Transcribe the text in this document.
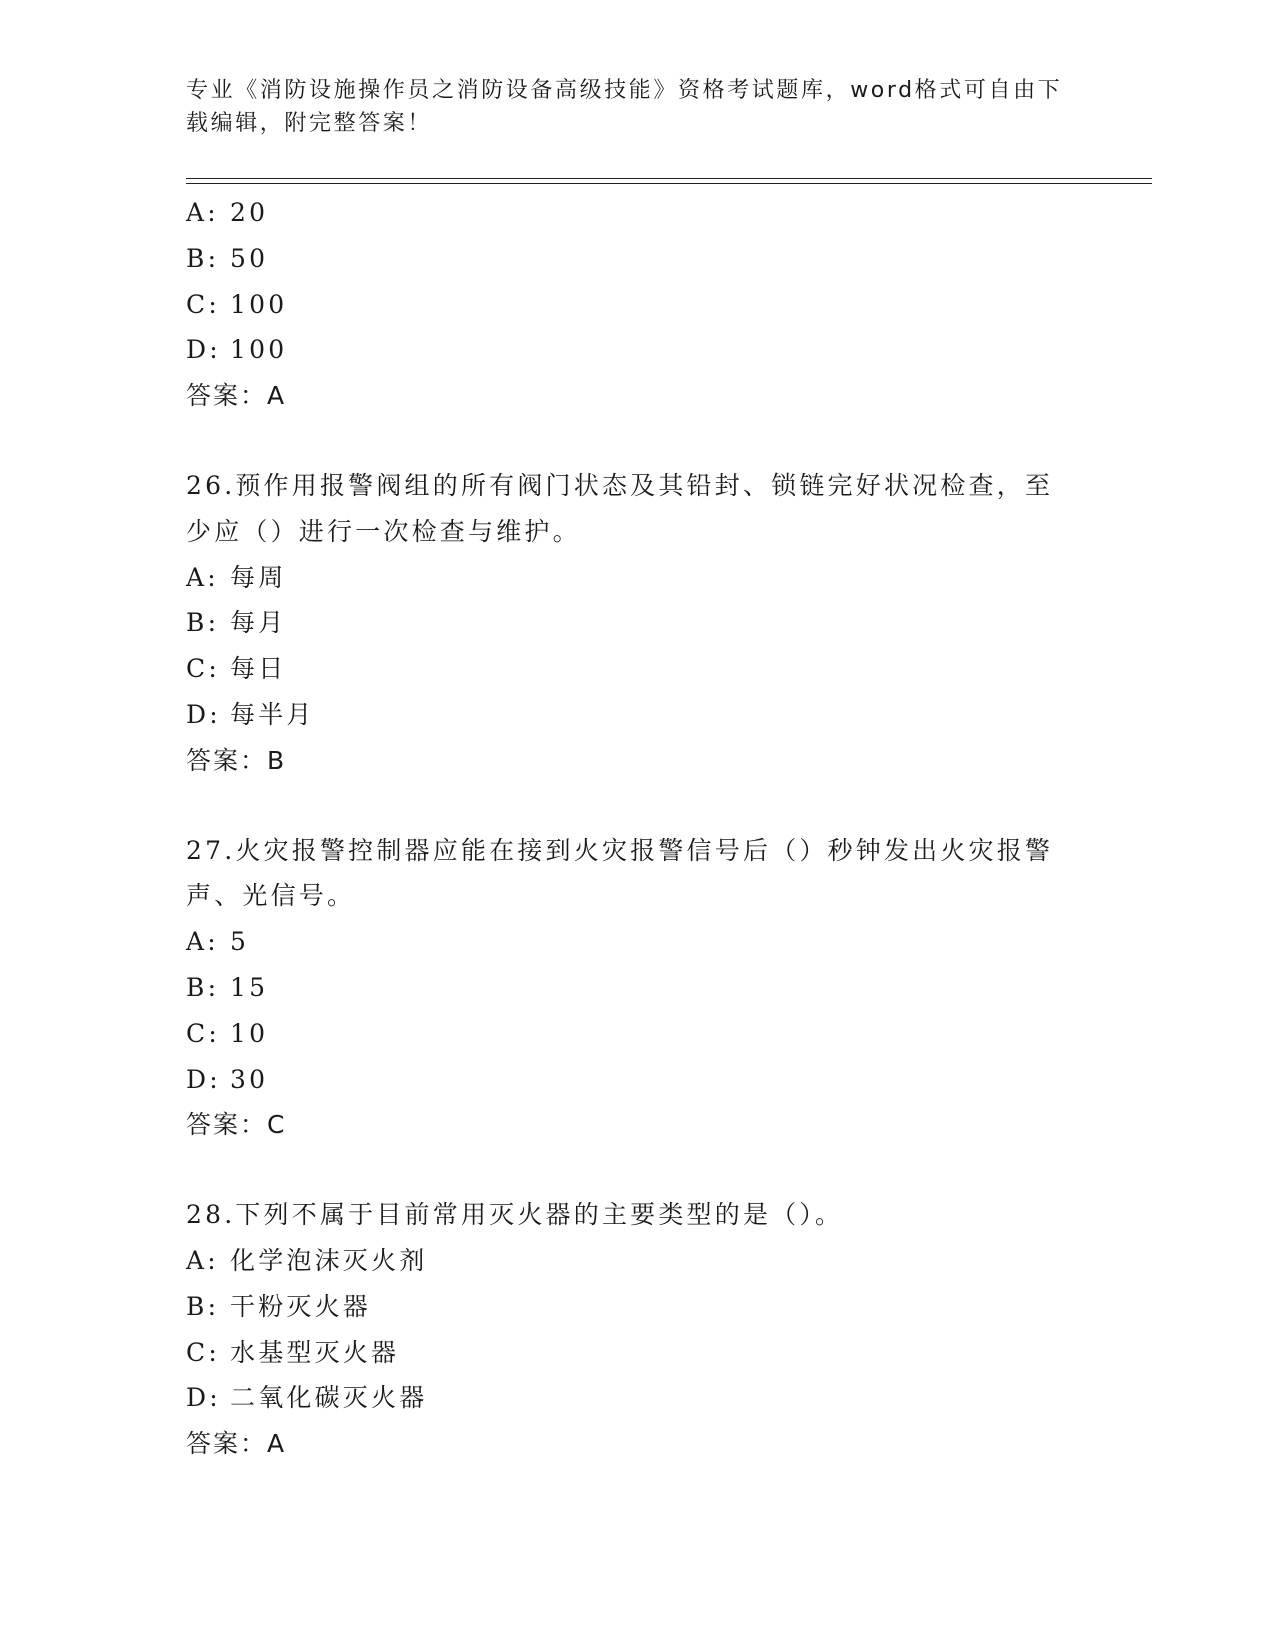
专业《消防设施操作员之消防设备高级技能》资格考试题库，word格式可自由下载编辑，附完整答案！
A: 20
B: 50
C: 100
D: 100
答案：A
26.预作用报警阀组的所有阀门状态及其铅封、锁链完好状况检查，至少应（）进行一次检查与维护。
A: 每周
B: 每月
C: 每日
D: 每半月
答案：B
27.火灾报警控制器应能在接到火灾报警信号后（）秒钟发出火灾报警声、光信号。
A: 5
B: 15
C: 10
D: 30
答案：C
28.下列不属于目前常用灭火器的主要类型的是（）。
A: 化学泡沫灭火剂
B: 干粉灭火器
C: 水基型灭火器
D: 二氧化碳灭火器
答案：A
